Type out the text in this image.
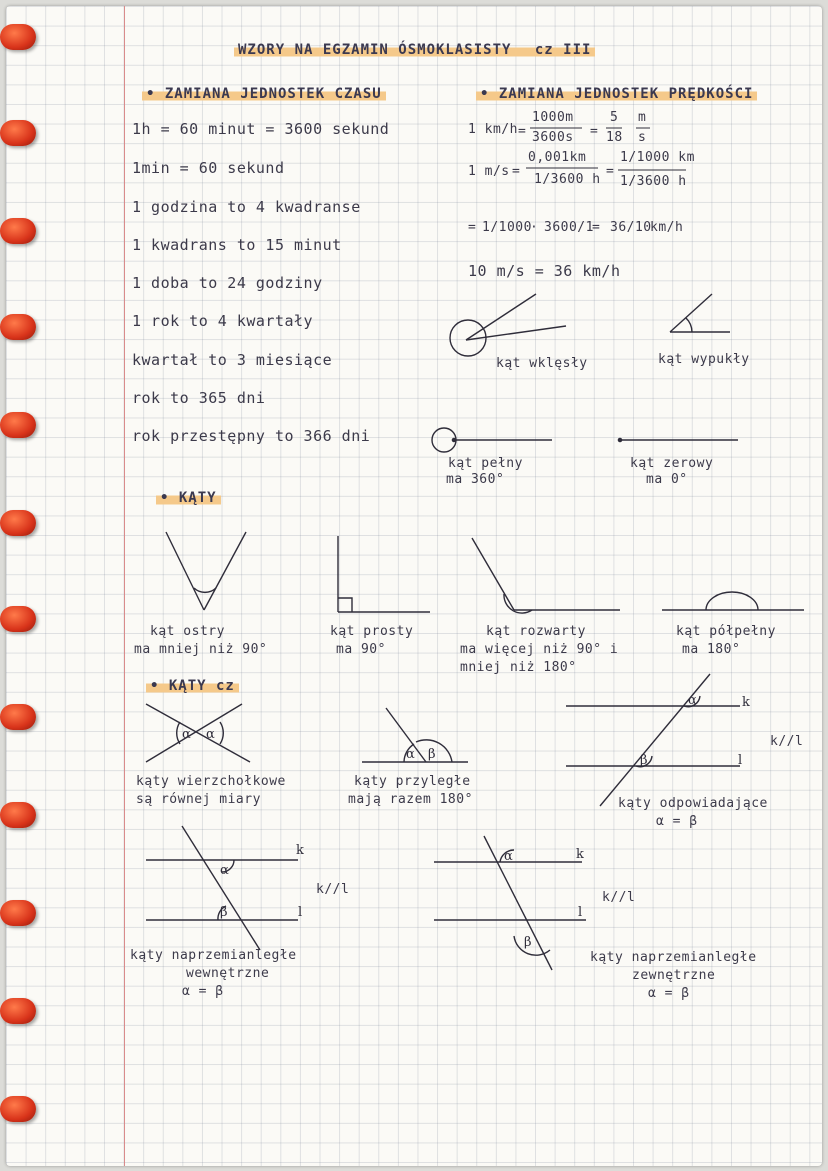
WZORY NA EGZAMIN ÓSMOKLASISTY cz III
• ZAMIANA JEDNOSTEK CZASU
1h = 60 minut = 3600 sekund
1min = 60 sekund
1 godzina to 4 kwadranse
1 kwadrans to 15 minut
1 doba to 24 godziny
1 rok to 4 kwartały
kwartał to 3 miesiące
rok to 365 dni
rok przestępny to 366 dni
• ZAMIANA JEDNOSTEK PRĘDKOŚCI
1 km/h =
1000m
3600s =
5
18
m
s
1 m/s =
0,001km
1/3600 h
=
1/1000 km
1/3600 h
= 1/1000
· 3600/1
= 36/10
km/h
10 m/s = 36 km/h
kąt wklęsły	kąt wypukły
kąt pełny
ma 360°
kąt zerowy
ma 0°
• KĄTY
kąt ostry
ma mniej niż 90°
kąt prosty
ma 90°
kąt rozwarty
ma więcej niż 90° i
mniej niż 180°
kąt półpełny
ma 180°
• KĄTY cz
kąty wierzchołkowe
są równej miary
kąty przyległe
mają razem 180°	kąty odpowiadające
α = β
k//l
k//l
k//l
kąty naprzemianległe
wewnętrzne
α = β
kąty naprzemianległe
zewnętrzne
α = β
α α
α β
α
β
k
l
α
β
k
l
α
β
k
l
